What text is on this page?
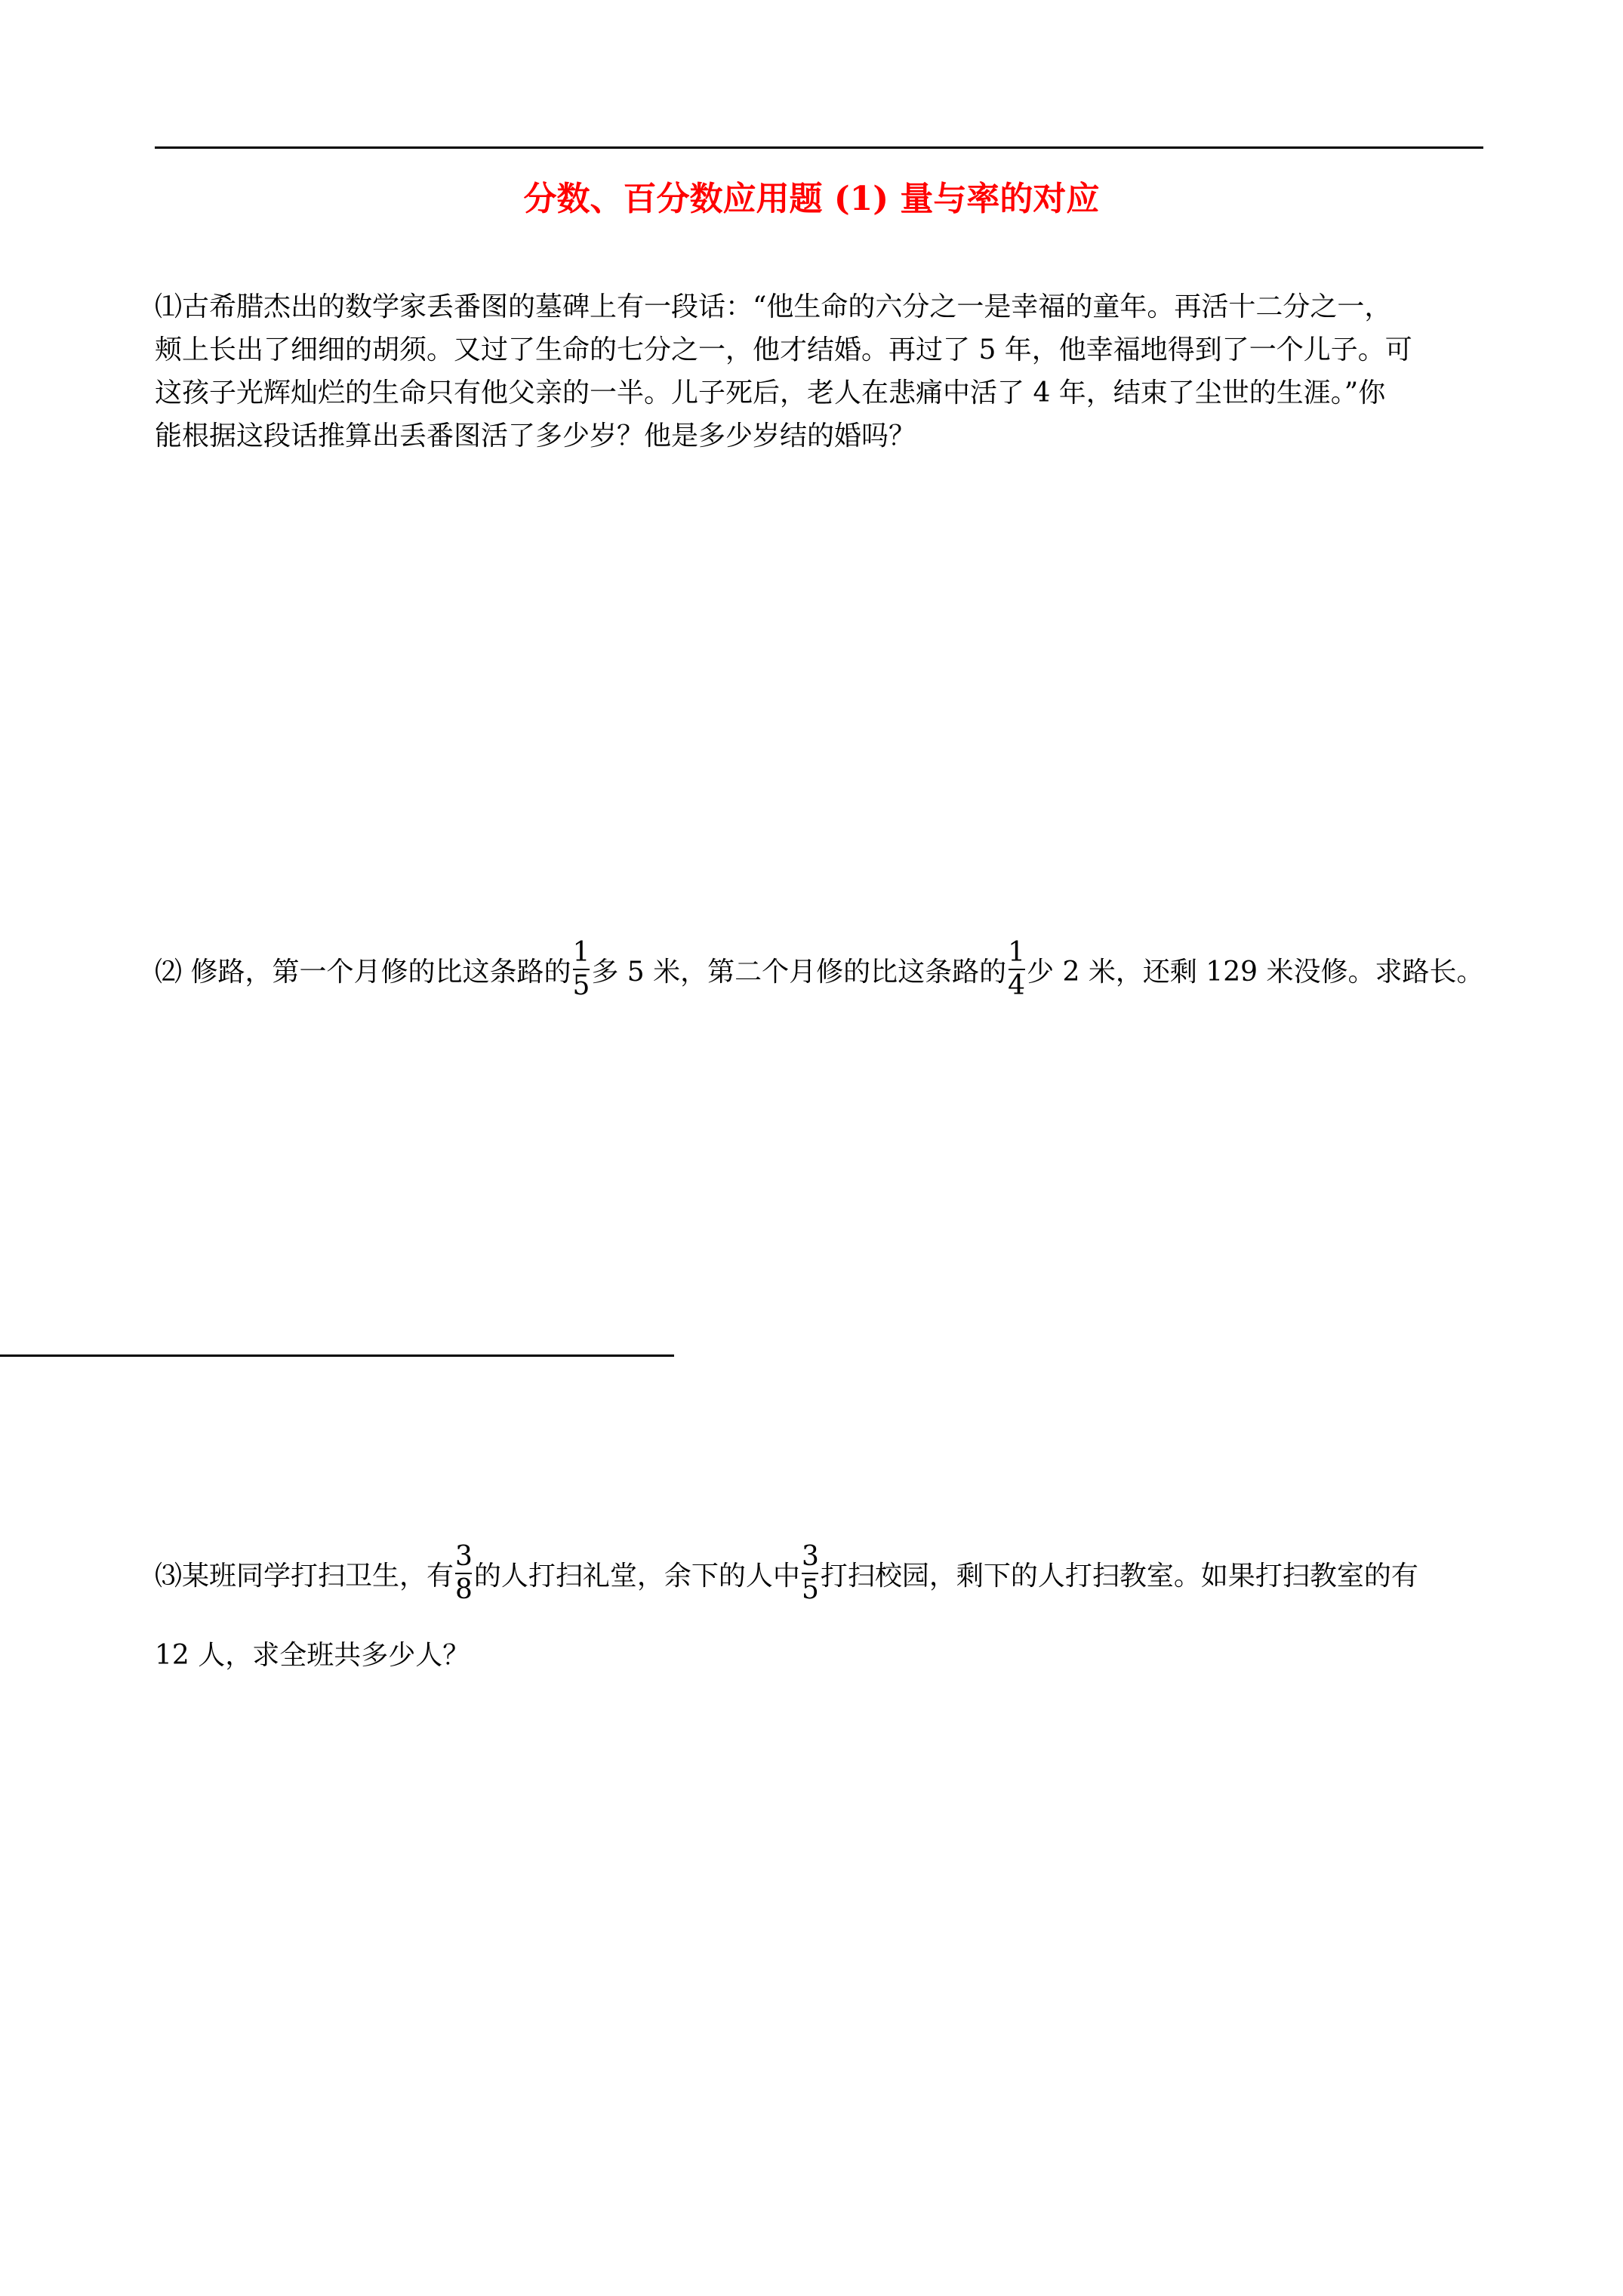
分数、百分数应用题 (1) 量与率的对应
⑴古希腊杰出的数学家丢番图的墓碑上有一段话：“他生命的六分之一是幸福的童年。再活十二分之一，
颊上长出了细细的胡须。又过了生命的七分之一，他才结婚。再过了 5 年，他幸福地得到了一个儿子。可
这孩子光辉灿烂的生命只有他父亲的一半。儿子死后，老人在悲痛中活了 4 年，结束了尘世的生涯。”你
能根据这段话推算出丢番图活了多少岁？他是多少岁结的婚吗？
⑵ 修路，第一个月修的比这条路的 $\frac{1}{5}$ 多 5 米，第二个月修的比这条路的 $\frac{1}{4}$ 少 2 米，还剩 129 米没修。求路长。
⑶某班同学打扫卫生，有 $\frac{3}{8}$ 的人打扫礼堂，余下的人中 $\frac{3}{5}$ 打扫校园，剩下的人打扫教室。如果打扫教室的有
12 人，求全班共多少人？
